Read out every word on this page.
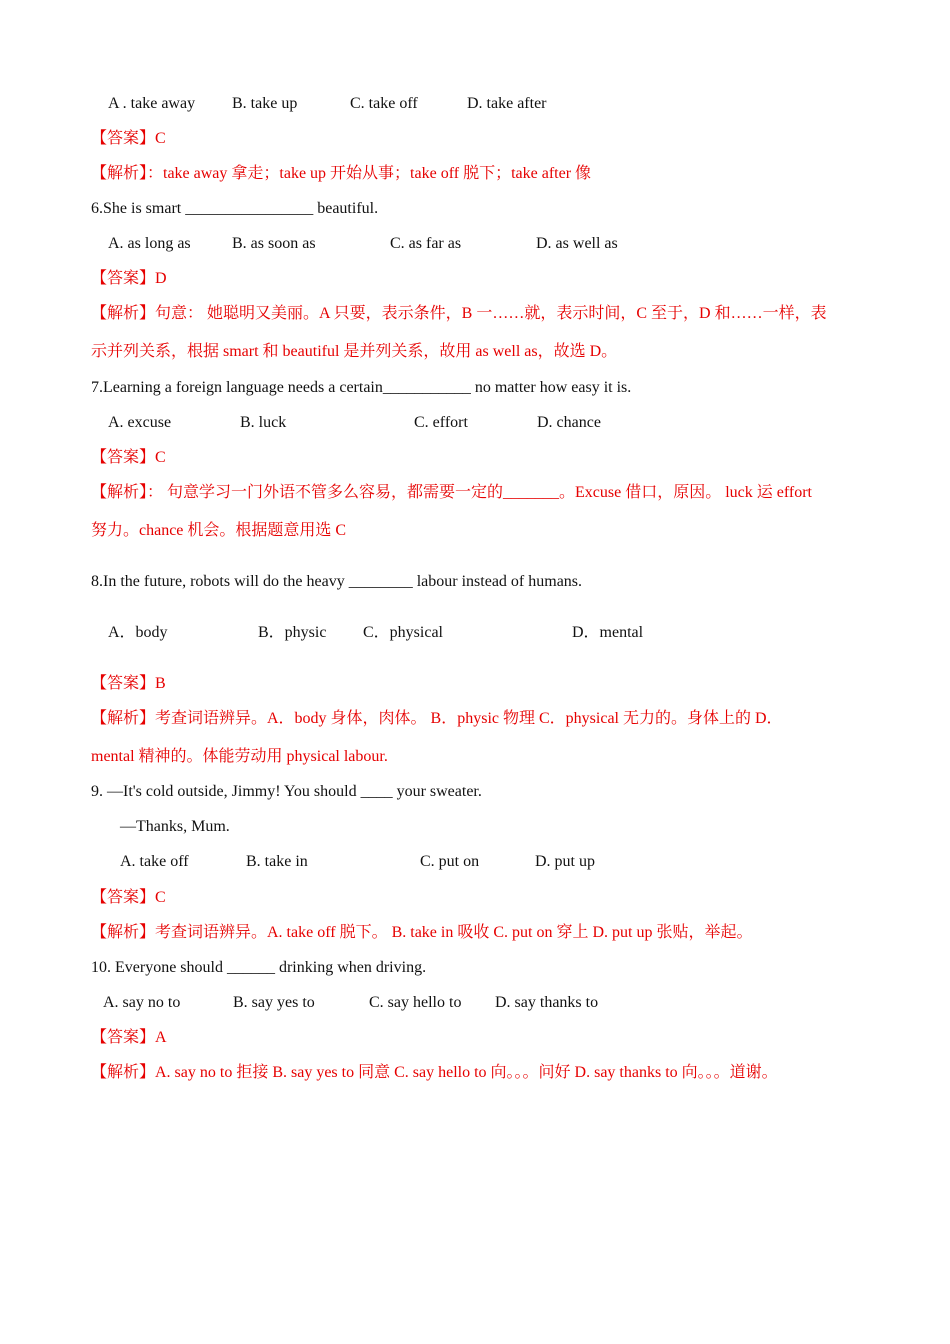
A . take away B. take up	C. take off	D. take after
【答案】C
【解析】：take away 拿走；take up 开始从事；take off 脱下；take after 像
6.She is smart ________________ beautiful.
A. as long as	B. as soon as	C. as far as	D. as well as
【答案】D
【解析】句意： 她聪明又美丽。A 只要，表示条件，B 一……就，表示时间，C 至于，D 和……一样，表
示并列关系，根据 smart 和 beautiful 是并列关系，故用 as well as，故选 D。
7.Learning a foreign language needs a certain___________ no matter how easy it is.
A. excuse	B. luck	C. effort	D. chance
【答案】C
【解析】： 句意学习一门外语不管多么容易，都需要一定的_______。Excuse 借口，原因。 luck 运 effort
努力。chance 机会。根据题意用选 C
8.In the future, robots will do the heavy ________ labour instead of humans.
A．body	B．physic C．physical	D．mental
【答案】B
【解析】考查词语辨异。A．body 身体，肉体。 B．physic 物理 C．physical 无力的。身体上的 D．
mental 精神的。体能劳动用 physical labour.
9. —It's cold outside, Jimmy! You should ____ your sweater.
—Thanks, Mum.
A. take off	B. take in	C. put on	D. put up
【答案】C
【解析】考查词语辨异。A. take off 脱下。 B. take in 吸收 C. put on 穿上 D. put up 张贴，举起。
10. Everyone should ______ drinking when driving.
A. say no to	B. say yes to	C. say hello to D. say thanks to
【答案】A
【解析】A. say no to 拒接 B. say yes to 同意 C. say hello to 向。。。问好 D. say thanks to 向。。。道谢。
